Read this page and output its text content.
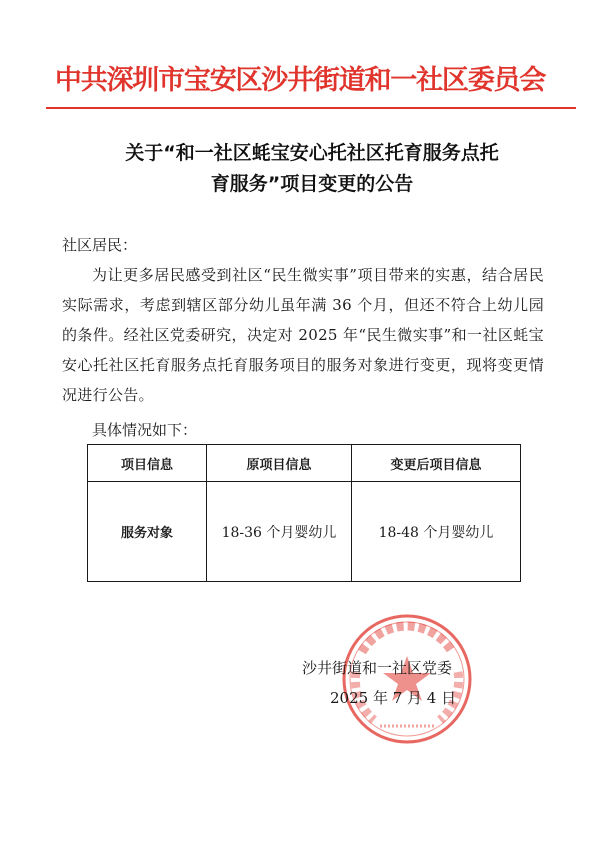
中共深圳市宝安区沙井街道和一社区委员会
关于“和一社区蚝宝安心托社区托育服务点托
育服务”项目变更的公告
社区居民：
为让更多居民感受到社区“民生微实事”项目带来的实惠，结合居民实际需求，考虑到辖区部分幼儿虽年满 36 个月，但还不符合上幼儿园的条件。经社区党委研究，决定对 2025 年“民生微实事”和一社区蚝宝安心托社区托育服务点托育服务项目的服务对象进行变更，现将变更情况进行公告。
具体情况如下：
项目信息	原项目信息	变更后项目信息
服务对象	18-36 个月婴幼儿	18-48 个月婴幼儿
沙井街道和一社区党委
2025 年 7 月 4 日
